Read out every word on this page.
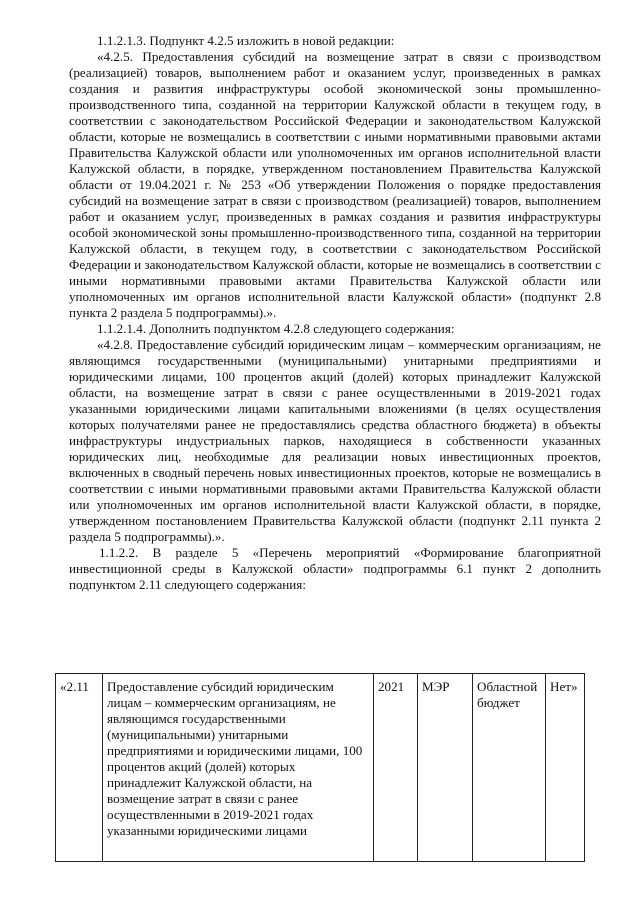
1.1.2.1.3. Подпункт 4.2.5 изложить в новой редакции:

«4.2.5. Предоставления субсидий на возмещение затрат в связи с производством (реализацией) товаров, выполнением работ и оказанием услуг, произведенных в рамках создания и развития инфраструктуры особой экономической зоны промышленно-производственного типа, созданной на территории Калужской области в текущем году, в соответствии с законодательством Российской Федерации и законодательством Калужской области, которые не возмещались в соответствии с иными нормативными правовыми актами Правительства Калужской области или уполномоченных им органов исполнительной власти Калужской области, в порядке, утвержденном постановлением Правительства Калужской области от 19.04.2021 г. № 253 «Об утверждении Положения о порядке предоставления субсидий на возмещение затрат в связи с производством (реализацией) товаров, выполнением работ и оказанием услуг, произведенных в рамках создания и развития инфраструктуры особой экономической зоны промышленно-производственного типа, созданной на территории Калужской области, в текущем году, в соответствии с законодательством Российской Федерации и законодательством Калужской области, которые не возмещались в соответствии с иными нормативными правовыми актами Правительства Калужской области или уполномоченных им органов исполнительной власти Калужской области» (подпункт 2.8 пункта 2 раздела 5 подпрограммы).».

1.1.2.1.4. Дополнить подпунктом 4.2.8 следующего содержания:

«4.2.8. Предоставление субсидий юридическим лицам – коммерческим организациям, не являющимся государственными (муниципальными) унитарными предприятиями и юридическими лицами, 100 процентов акций (долей) которых принадлежит Калужской области, на возмещение затрат в связи с ранее осуществленными в 2019-2021 годах указанными юридическими лицами капитальными вложениями (в целях осуществления которых получателями ранее не предоставлялись средства областного бюджета) в объекты инфраструктуры индустриальных парков, находящиеся в собственности указанных юридических лиц, необходимые для реализации новых инвестиционных проектов, включенных в сводный перечень новых инвестиционных проектов, которые не возмещались в соответствии с иными нормативными правовыми актами Правительства Калужской области или уполномоченных им органов исполнительной власти Калужской области, в порядке, утвержденном постановлением Правительства Калужской области (подпункт 2.11 пункта 2 раздела 5 подпрограммы).».

1.1.2.2. В разделе 5 «Перечень мероприятий «Формирование благоприятной инвестиционной среды в Калужской области» подпрограммы 6.1 пункт 2 дополнить подпунктом 2.11 следующего содержания:

«2.11	Предоставление субсидий юридическим лицам – коммерческим организациям, не являющимся государственными (муниципальными) унитарными предприятиями и юридическими лицами, 100 процентов акций (долей) которых принадлежит Калужской области, на возмещение затрат в связи с ранее осуществленными в 2019-2021 годах указанными юридическими лицами	2021	МЭР	Областной бюджет	Нет»
